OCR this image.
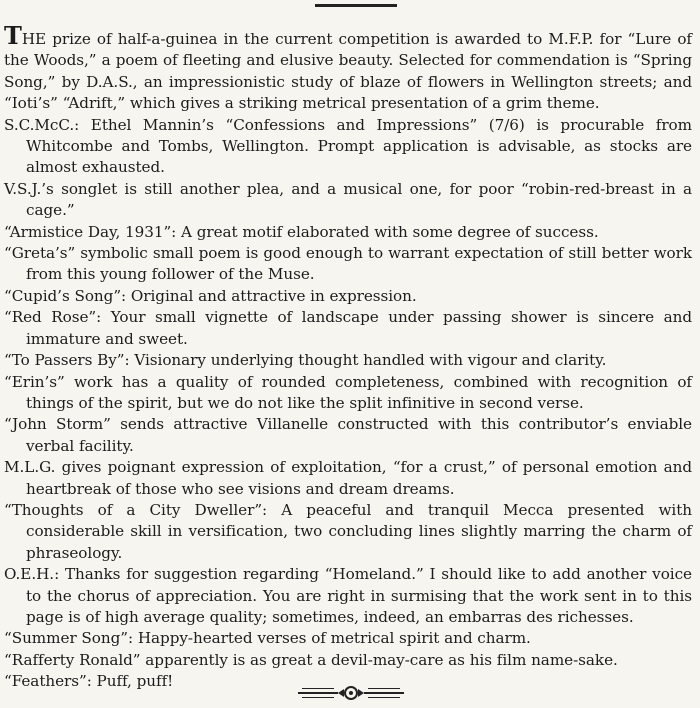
THE prize of half-a-guinea in the current competition is awarded to M.F.P. for “Lure of the Woods,” a poem of fleeting and elusive beauty. Selected for commendation is “Spring Song,” by D.A.S., an impressionistic study of blaze of flowers in Wellington streets; and “Ioti’s” “Adrift,” which gives a striking metrical presentation of a grim theme.

S.C.McC.: Ethel Mannin’s “Confessions and Impressions” (7/6) is procurable from Whitcombe and Tombs, Wellington. Prompt application is advisable, as stocks are almost exhausted.

V.S.J.’s songlet is still another plea, and a musical one, for poor “robin-red-breast in a cage.”

“Armistice Day, 1931”: A great motif elaborated with some degree of success.

“Greta’s” symbolic small poem is good enough to warrant expectation of still better work from this young follower of the Muse.

“Cupid’s Song”: Original and attractive in expression.

“Red Rose”: Your small vignette of landscape under passing shower is sincere and immature and sweet.

“To Passers By”: Visionary underlying thought handled with vigour and clarity.

“Erin’s” work has a quality of rounded completeness, combined with recognition of things of the spirit, but we do not like the split infinitive in second verse.

“John Storm” sends attractive Villanelle constructed with this contributor’s enviable verbal facility.

M.L.G. gives poignant expression of exploitation, “for a crust,” of personal emotion and heartbreak of those who see visions and dream dreams.

“Thoughts of a City Dweller”: A peaceful and tranquil Mecca presented with considerable skill in versification, two concluding lines slightly marring the charm of phraseology.

O.E.H.: Thanks for suggestion regarding “Homeland.” I should like to add another voice to the chorus of appreciation. You are right in surmising that the work sent in to this page is of high average quality; sometimes, indeed, an embarras des richesses.

“Summer Song”: Happy-hearted verses of metrical spirit and charm.

“Rafferty Ronald” apparently is as great a devil-may-care as his film name-sake.

“Feathers”: Puff, puff!
